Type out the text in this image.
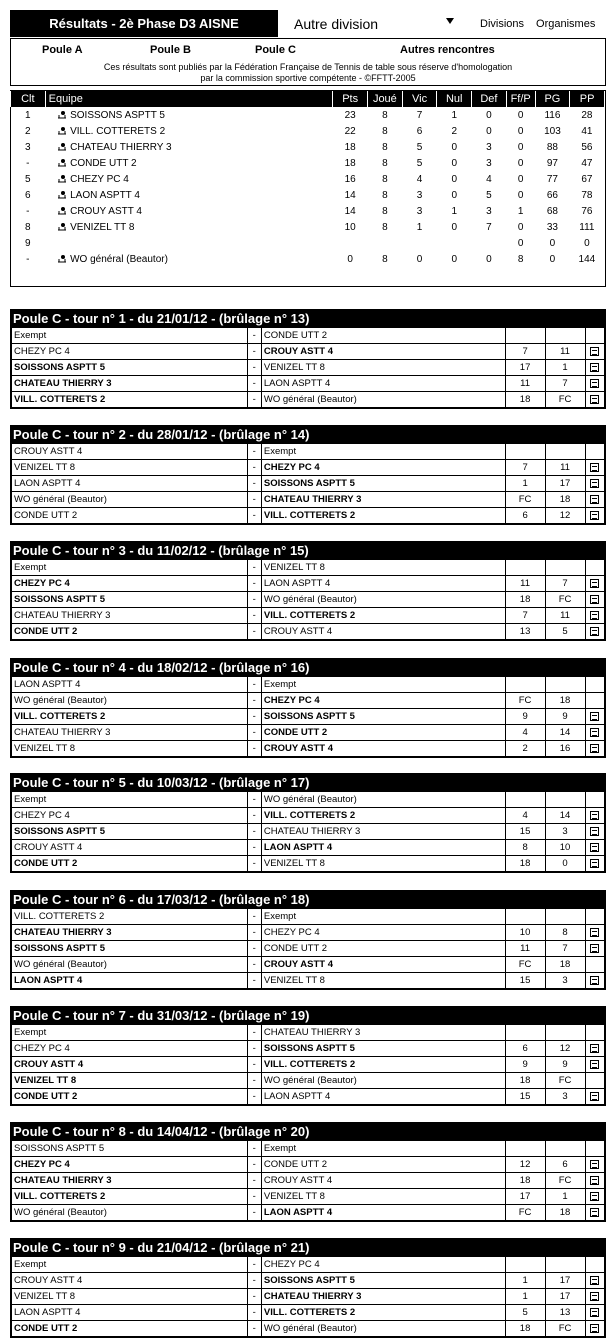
Résultats - 2è Phase D3 AISNE	Autre division	Divisions	Organismes
Poule A	Poule B	Poule C	Autres rencontres
Ces résultats sont publiés par la Fédération Française de Tennis de table sous réserve d'homologation
par la commission sportive compétente - ©FFTT-2005
Clt	Equipe	Pts	Joué	Vic	Nul	Def	Ff/P	PG	PP
1	SOISSONS ASPTT 5	23	8	7	1	0	0	116	28
2	VILL. COTTERETS 2	22	8	6	2	0	0	103	41
3	CHATEAU THIERRY 3	18	8	5	0	3	0	88	56
-	CONDE UTT 2	18	8	5	0	3	0	97	47
5	CHEZY PC 4	16	8	4	0	4	0	77	67
6	LAON ASPTT 4	14	8	3	0	5	0	66	78
-	CROUY ASTT 4	14	8	3	1	3	1	68	76
8	VENIZEL TT 8	10	8	1	0	7	0	33	111
9							0	0	0
-	WO général (Beautor)	0	8	0	0	0	8	0	144
Poule C - tour n° 1 - du 21/01/12 - (brûlage n° 13)
Exempt	-	CONDE UTT 2			
CHEZY PC 4	-	CROUY ASTT 4	7	11	
SOISSONS ASPTT 5	-	VENIZEL TT 8	17	1	
CHATEAU THIERRY 3	-	LAON ASPTT 4	11	7	
VILL. COTTERETS 2	-	WO général (Beautor)	18	FC	
Poule C - tour n° 2 - du 28/01/12 - (brûlage n° 14)
CROUY ASTT 4	-	Exempt			
VENIZEL TT 8	-	CHEZY PC 4	7	11	
LAON ASPTT 4	-	SOISSONS ASPTT 5	1	17	
WO général (Beautor)	-	CHATEAU THIERRY 3	FC	18	
CONDE UTT 2	-	VILL. COTTERETS 2	6	12	
Poule C - tour n° 3 - du 11/02/12 - (brûlage n° 15)
Exempt	-	VENIZEL TT 8			
CHEZY PC 4	-	LAON ASPTT 4	11	7	
SOISSONS ASPTT 5	-	WO général (Beautor)	18	FC	
CHATEAU THIERRY 3	-	VILL. COTTERETS 2	7	11	
CONDE UTT 2	-	CROUY ASTT 4	13	5	
Poule C - tour n° 4 - du 18/02/12 - (brûlage n° 16)
LAON ASPTT 4	-	Exempt			
WO général (Beautor)	-	CHEZY PC 4	FC	18	
VILL. COTTERETS 2	-	SOISSONS ASPTT 5	9	9	
CHATEAU THIERRY 3	-	CONDE UTT 2	4	14	
VENIZEL TT 8	-	CROUY ASTT 4	2	16	
Poule C - tour n° 5 - du 10/03/12 - (brûlage n° 17)
Exempt	-	WO général (Beautor)			
CHEZY PC 4	-	VILL. COTTERETS 2	4	14	
SOISSONS ASPTT 5	-	CHATEAU THIERRY 3	15	3	
CROUY ASTT 4	-	LAON ASPTT 4	8	10	
CONDE UTT 2	-	VENIZEL TT 8	18	0	
Poule C - tour n° 6 - du 17/03/12 - (brûlage n° 18)
VILL. COTTERETS 2	-	Exempt			
CHATEAU THIERRY 3	-	CHEZY PC 4	10	8	
SOISSONS ASPTT 5	-	CONDE UTT 2	11	7	
WO général (Beautor)	-	CROUY ASTT 4	FC	18	
LAON ASPTT 4	-	VENIZEL TT 8	15	3	
Poule C - tour n° 7 - du 31/03/12 - (brûlage n° 19)
Exempt	-	CHATEAU THIERRY 3			
CHEZY PC 4	-	SOISSONS ASPTT 5	6	12	
CROUY ASTT 4	-	VILL. COTTERETS 2	9	9	
VENIZEL TT 8	-	WO général (Beautor)	18	FC	
CONDE UTT 2	-	LAON ASPTT 4	15	3	
Poule C - tour n° 8 - du 14/04/12 - (brûlage n° 20)
SOISSONS ASPTT 5	-	Exempt			
CHEZY PC 4	-	CONDE UTT 2	12	6	
CHATEAU THIERRY 3	-	CROUY ASTT 4	18	FC	
VILL. COTTERETS 2	-	VENIZEL TT 8	17	1	
WO général (Beautor)	-	LAON ASPTT 4	FC	18	
Poule C - tour n° 9 - du 21/04/12 - (brûlage n° 21)
Exempt	-	CHEZY PC 4			
CROUY ASTT 4	-	SOISSONS ASPTT 5	1	17	
VENIZEL TT 8	-	CHATEAU THIERRY 3	1	17	
LAON ASPTT 4	-	VILL. COTTERETS 2	5	13	
CONDE UTT 2	-	WO général (Beautor)	18	FC	
